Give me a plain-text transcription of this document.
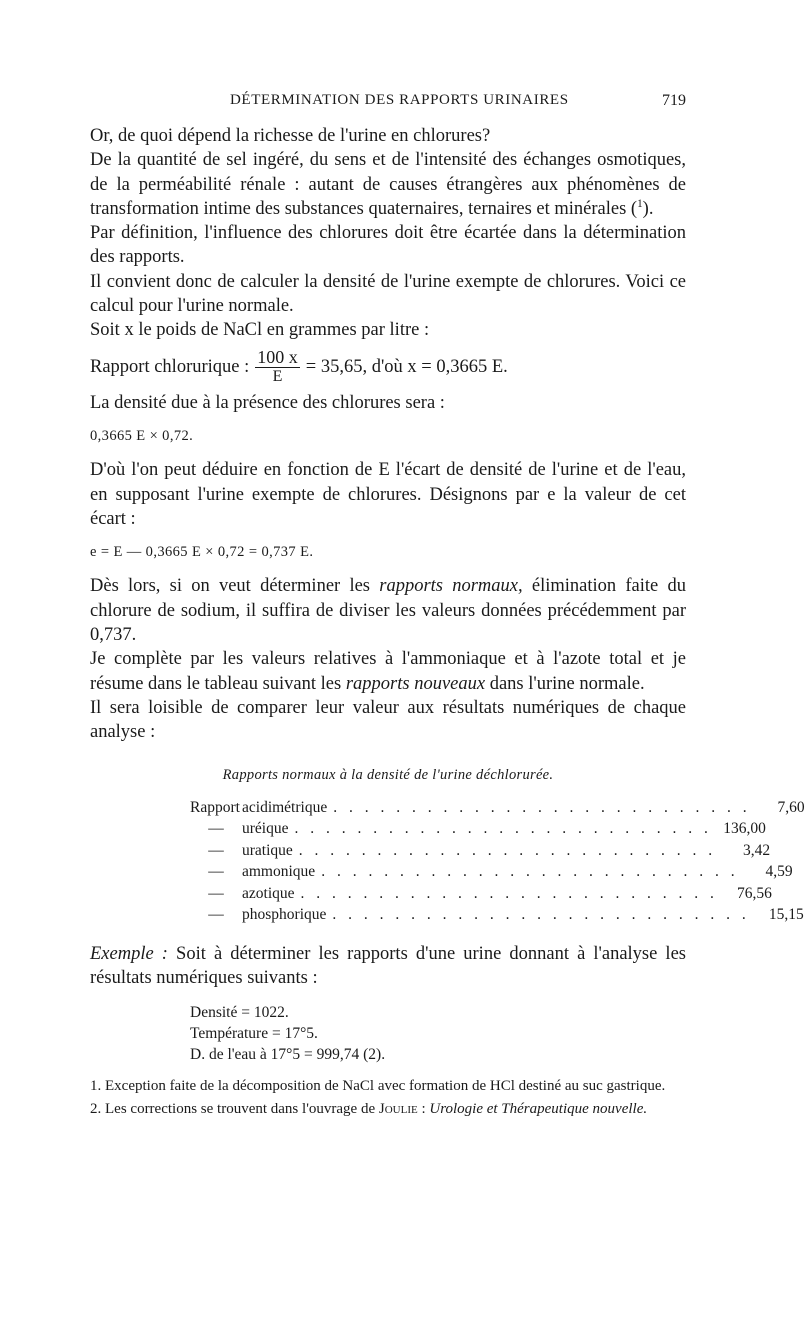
DÉTERMINATION DES RAPPORTS URINAIRES	719

Or, de quoi dépend la richesse de l'urine en chlorures?

De la quantité de sel ingéré, du sens et de l'intensité des échanges osmotiques, de la perméabilité rénale : autant de causes étrangères aux phénomènes de transformation intime des substances quaternaires, ternaires et minérales ($^1$).

Par définition, l'influence des chlorures doit être écartée dans la détermination des rapports.

Il convient donc de calculer la densité de l'urine exempte de chlorures. Voici ce calcul pour l'urine normale.

Soit x le poids de NaCl en grammes par litre :

Rapport chlorurique : $\frac{100 x}{E} = 35,65$, d'où x = 0,3665 E.

La densité due à la présence des chlorures sera :

0,3665 E × 0,72.

D'où l'on peut déduire en fonction de E l'écart de densité de l'urine et de l'eau, en supposant l'urine exempte de chlorures. Désignons par e la valeur de cet écart :

e = E — 0,3665 E × 0,72 = 0,737 E.

Dès lors, si on veut déterminer les rapports normaux, élimination faite du chlorure de sodium, il suffira de diviser les valeurs données précédemment par 0,737.

Je complète par les valeurs relatives à l'ammoniaque et à l'azote total et je résume dans le tableau suivant les rapports nouveaux dans l'urine normale.

Il sera loisible de comparer leur valeur aux résultats numériques de chaque analyse :

Rapports normaux à la densité de l'urine déchlorurée.
Rapport acidimétrique . . . . . . . . . . . . . . . . . . . . . . . . . . .	7,60
—	uréique . . . . . . . . . . . . . . . . . . . . . . . . . . . 136,00
—	uratique . . . . . . . . . . . . . . . . . . . . . . . . . . .	3,42
—	ammonique . . . . . . . . . . . . . . . . . . . . . . . . . . .	4,59
—	azotique . . . . . . . . . . . . . . . . . . . . . . . . . . .	76,56
—	phosphorique . . . . . . . . . . . . . . . . . . . . . . . . . . .	15,15

Exemple : Soit à déterminer les rapports d'une urine donnant à l'analyse les résultats numériques suivants :

Densité = 1022.
Température = 17°5.
D. de l'eau à 17°5 = 999,74 (2).

1. Exception faite de la décomposition de NaCl avec formation de HCl destiné au suc gastrique.

2. Les corrections se trouvent dans l'ouvrage de Joulie : Urologie et Thérapeutique nouvelle.
